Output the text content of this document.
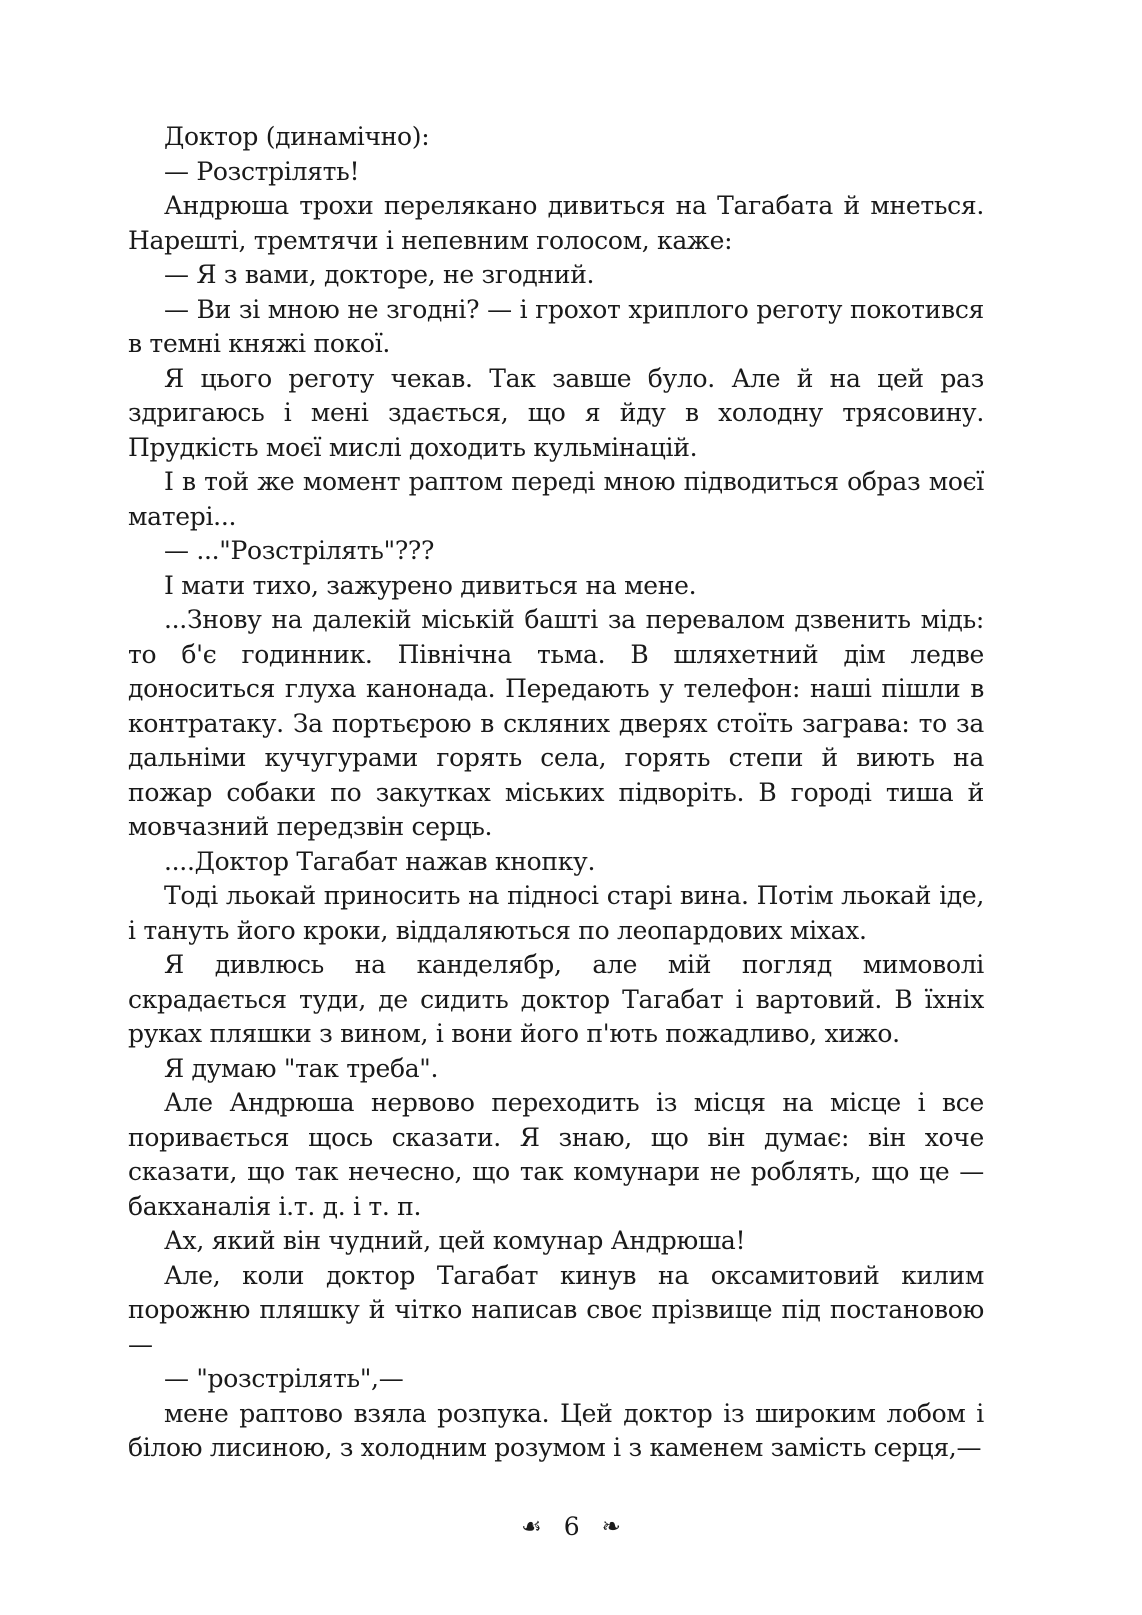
Доктор (динамічно):

— Розстрілять!

Андрюша трохи перелякано дивиться на Тагабата й мнеться. Нарешті, тремтячи і непевним голосом, каже:

— Я з вами, докторе, не згодний.

— Ви зі мною не згодні? — і грохот хриплого реготу покотився в темні княжі покої.

Я цього реготу чекав. Так завше було. Але й на цей раз здригаюсь і мені здається, що я йду в холодну трясовину. Прудкість моєї мислі доходить кульмінацій.

І в той же момент раптом переді мною підводиться образ моєї матері...

— ..."Розстрілять"???

І мати тихо, зажурено дивиться на мене.

...Знову на далекій міській башті за перевалом дзвенить мідь: то б'є годинник. Північна тьма. В шляхетний дім ледве доноситься глуха канонада. Передають у телефон: наші пішли в контратаку. За портьєрою в скляних дверях стоїть заграва: то за дальніми кучугурами горять села, горять степи й виють на пожар собаки по закутках міських підворіть. В городі тиша й мовчазний передзвін серць.

....Доктор Тагабат нажав кнопку.

Тоді льокай приносить на підносі старі вина. Потім льокай іде, і тануть його кроки, віддаляються по леопардових міхах.

Я дивлюсь на канделябр, але мій погляд мимоволі скрадається туди, де сидить доктор Тагабат і вартовий. В їхніх руках пляшки з вином, і вони його п'ють пожадливо, хижо.

Я думаю "так треба".

Але Андрюша нервово переходить із місця на місце і все поривається щось сказати. Я знаю, що він думає: він хоче сказати, що так нечесно, що так комунари не роблять, що це — бакханалія і.т. д. і т. п.

Ах, який він чудний, цей комунар Андрюша!

Але, коли доктор Тагабат кинув на оксамитовий килим порожню пляшку й чітко написав своє прізвище під постановою —

— "розстрілять",—

мене раптово взяла розпука. Цей доктор із широким лобом і білою лисиною, з холодним розумом і з каменем замість серця,—

☙ 6 ❧
